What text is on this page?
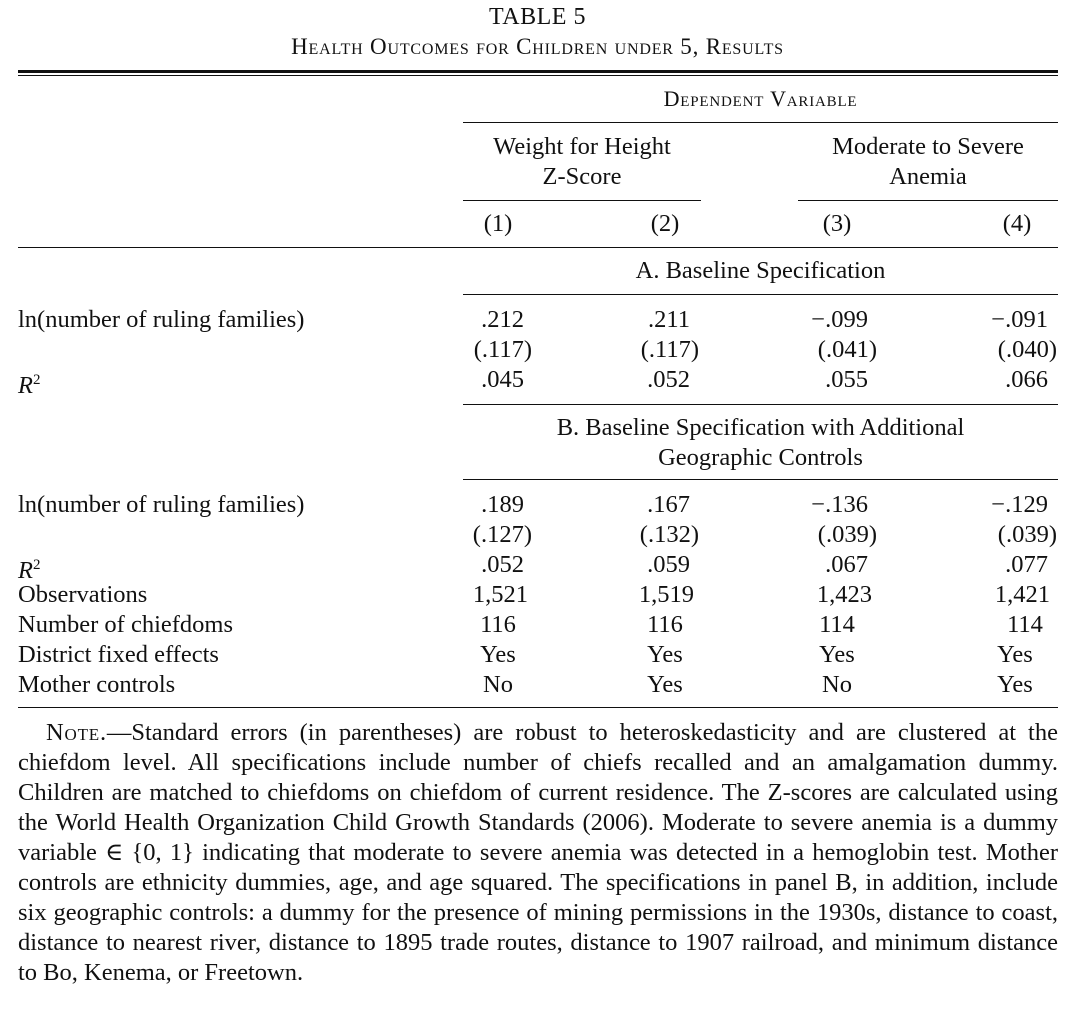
TABLE 5
Health Outcomes for Children under 5, Results
Dependent Variable
Weight for Height
Z-Score
Moderate to Severe
Anemia
(1)	(2)	(3)	(4)
A. Baseline Specification
ln(number of ruling families)	.212	.211	−.099	−.091
(.117)	(.117)	(.041)	(.040)
$R^2$	.045	.052	.055	.066
B. Baseline Specification with Additional
Geographic Controls
ln(number of ruling families)	.189	.167	−.136	−.129
(.127)	(.132)	(.039)	(.039)
$R^2$	.052	.059	.067	.077
Observations	1,521	1,519	1,423	1,421
Number of chiefdoms	116	116	114	114
District fixed effects	Yes	Yes	Yes	Yes
Mother controls	No	Yes	No	Yes

Note.—Standard errors (in parentheses) are robust to heteroskedasticity and are clustered at the chiefdom level. All specifications include number of chiefs recalled and an amalgamation dummy. Children are matched to chiefdoms on chiefdom of current residence. The Z-scores are calculated using the World Health Organization Child Growth Standards (2006). Moderate to severe anemia is a dummy variable ∈ {0, 1} indicating that moderate to severe anemia was detected in a hemoglobin test. Mother controls are ethnicity dummies, age, and age squared. The specifications in panel B, in addition, include six geographic controls: a dummy for the presence of mining permissions in the 1930s, distance to coast, distance to nearest river, distance to 1895 trade routes, distance to 1907 railroad, and minimum distance to Bo, Kenema, or Freetown.
